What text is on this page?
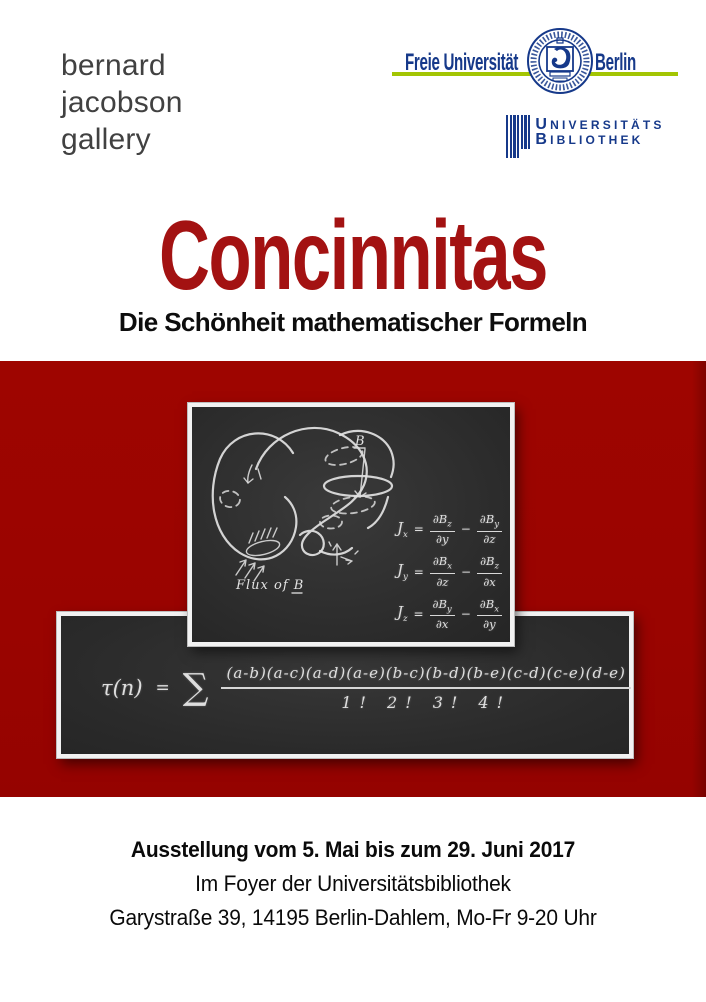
bernard
jacobson
gallery
Freie Universität	Berlin
UNIVERSITÄTS
BIBLIOTHEK
Concinnitas
Die Schönheit mathematischer Formeln
τ(n) = ∑ $\frac{(a-b)(a-c)(a-d)(a-e)(b-c)(b-d)(b-e)(c-d)(c-e)(d-e)}{1! 2! 3! 4!}$
B
Flux of B
$J_x = \frac{\partial B_z}{\partial y} - \frac{\partial B_y}{\partial z}$
$J_y = \frac{\partial B_x}{\partial z} - \frac{\partial B_z}{\partial x}$
$J_z = \frac{\partial B_y}{\partial x} - \frac{\partial B_x}{\partial y}$
Ausstellung vom 5. Mai bis zum 29. Juni 2017
Im Foyer der Universitätsbibliothek
Garystraße 39, 14195 Berlin-Dahlem, Mo-Fr 9-20 Uhr
